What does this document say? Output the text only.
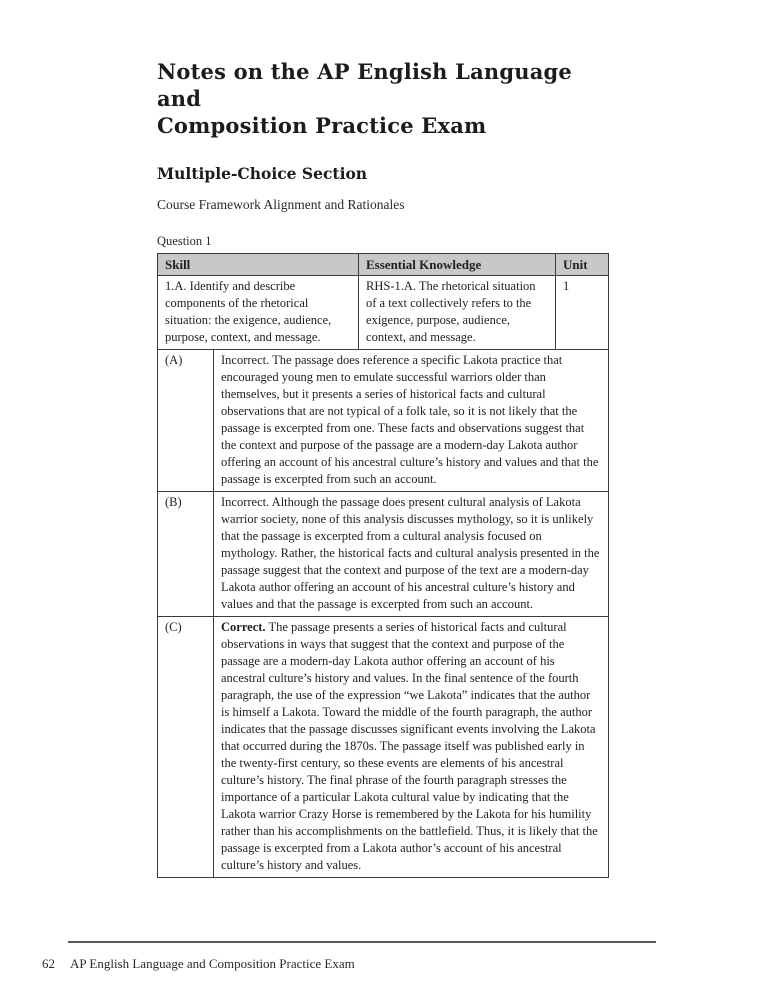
Notes on the AP English Language and
Composition Practice Exam
Multiple-Choice Section
Course Framework Alignment and Rationales
Question 1
Skill		Essential Knowledge	Unit
1.A. Identify and describe components of the rhetorical situation: the exigence, audience, purpose, context, and message.		RHS-1.A. The rhetorical situation of a text collectively refers to the exigence, purpose, audience, context, and message.	1
(A)	Incorrect. The passage does reference a specific Lakota practice that encouraged young men to emulate successful warriors older than themselves, but it presents a series of historical facts and cultural observations that are not typical of a folk tale, so it is not likely that the passage is excerpted from one. These facts and observations suggest that the context and purpose of the passage are a modern-day Lakota author offering an account of his ancestral culture’s history and values and that the passage is excerpted from such an account.		
(B)	Incorrect. Although the passage does present cultural analysis of Lakota warrior society, none of this analysis discusses mythology, so it is unlikely that the passage is excerpted from a cultural analysis focused on mythology. Rather, the historical facts and cultural analysis presented in the passage suggest that the context and purpose of the text are a modern-day Lakota author offering an account of his ancestral culture’s history and values and that the passage is excerpted from such an account.		
(C)	Correct. The passage presents a series of historical facts and cultural observations in ways that suggest that the context and purpose of the passage are a modern-day Lakota author offering an account of his ancestral culture’s history and values. In the final sentence of the fourth paragraph, the use of the expression “we Lakota” indicates that the author is himself a Lakota. Toward the middle of the fourth paragraph, the author indicates that the passage discusses significant events involving the Lakota that occurred during the 1870s. The passage itself was published early in the twenty-first century, so these events are elements of his ancestral culture’s history. The final phrase of the fourth paragraph stresses the importance of a particular Lakota cultural value by indicating that the Lakota warrior Crazy Horse is remembered by the Lakota for his humility rather than his accomplishments on the battlefield. Thus, it is likely that the passage is excerpted from a Lakota author’s account of his ancestral culture’s history and values.		
62 AP English Language and Composition Practice Exam
